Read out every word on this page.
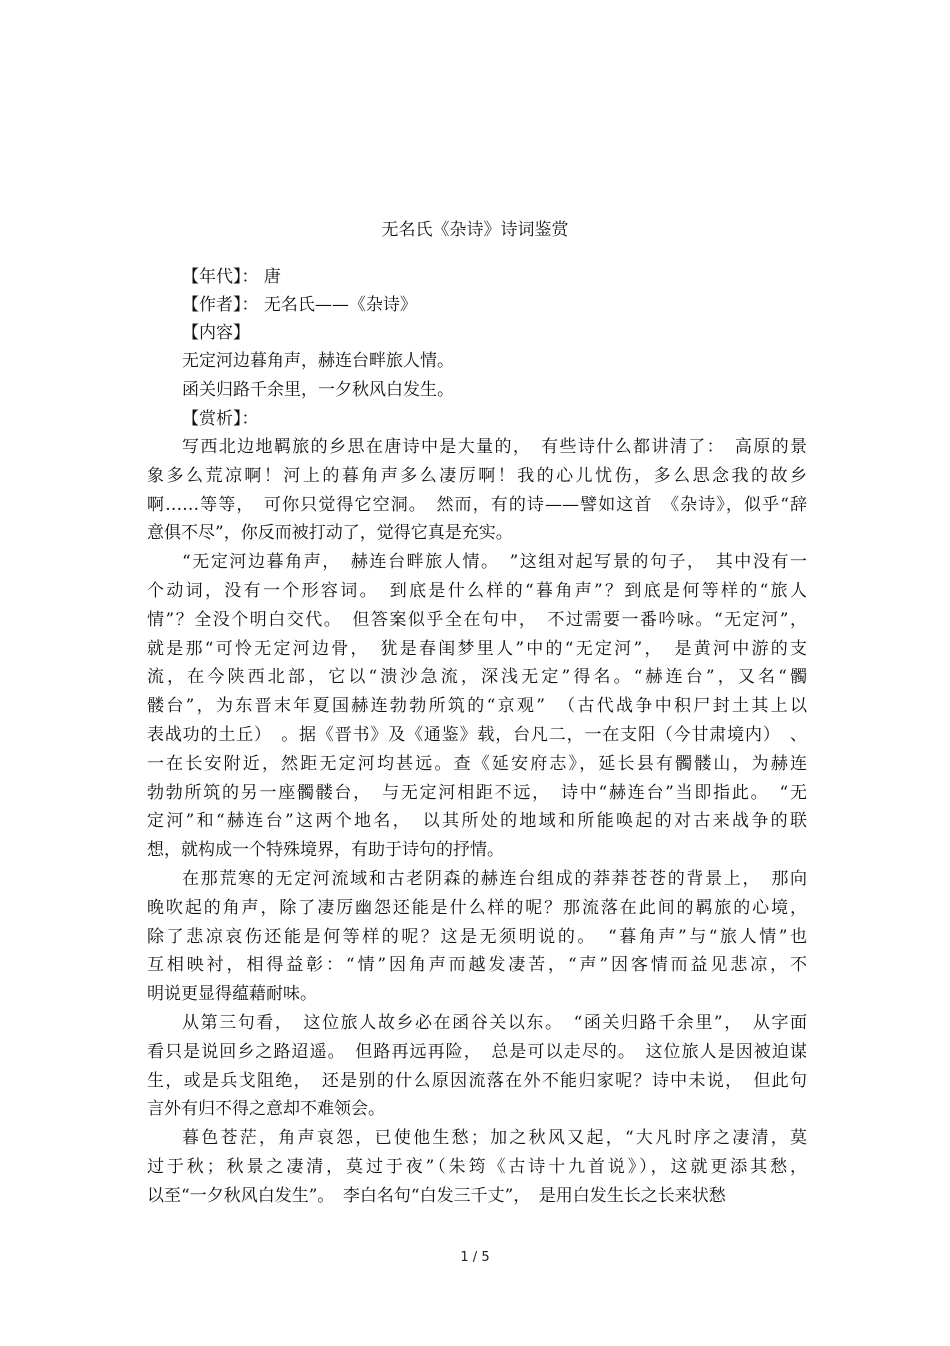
无名氏《杂诗》诗词鉴赏
【年代】： 唐
【作者】： 无名氏——《杂诗》
【内容】
无定河边暮角声，赫连台畔旅人情。
函关归路千余里，一夕秋风白发生。
【赏析】：
写西北边地羁旅的乡思在唐诗中是大量的，　有些诗什么都讲清了：　高原的景
象多么荒凉啊！河上的暮角声多么凄厉啊！我的心儿忧伤，多么思念我的故乡
啊……等等，　可你只觉得它空洞。　然而，有的诗——譬如这首　《杂诗》，似乎“辞
意俱不尽”，你反而被打动了，觉得它真是充实。
“无定河边暮角声，　赫连台畔旅人情。　”这组对起写景的句子，　其中没有一
个动词，没有一个形容词。　到底是什么样的“暮角声”？到底是何等样的“旅人
情”？全没个明白交代。　但答案似乎全在句中，　不过需要一番吟咏。“无定河”，
就是那“可怜无定河边骨，　犹是春闺梦里人”中的“无定河”，　是黄河中游的支
流，在今陕西北部，它以“溃沙急流，深浅无定”得名。“赫连台”，又名“髑
髅台”，为东晋末年夏国赫连勃勃所筑的“京观”　（古代战争中积尸封土其上以
表战功的土丘）　。据《晋书》及《通鉴》载，台凡二，一在支阳（今甘肃境内）　、
一在长安附近，然距无定河均甚远。查《延安府志》，延长县有髑髅山，为赫连
勃勃所筑的另一座髑髅台，　与无定河相距不远，　诗中“赫连台”当即指此。　“无
定河”和“赫连台”这两个地名，　以其所处的地域和所能唤起的对古来战争的联
想，就构成一个特殊境界，有助于诗句的抒情。
在那荒寒的无定河流域和古老阴森的赫连台组成的莽莽苍苍的背景上，　那向
晚吹起的角声，除了凄厉幽怨还能是什么样的呢？那流落在此间的羁旅的心境，
除了悲凉哀伤还能是何等样的呢？这是无须明说的。　“暮角声”与“旅人情”也
互相映衬，相得益彰：“情”因角声而越发凄苦，“声”因客情而益见悲凉，不
明说更显得蕴藉耐味。
从第三句看，　这位旅人故乡必在函谷关以东。　“函关归路千余里”，　从字面
看只是说回乡之路迢遥。　但路再远再险，　总是可以走尽的。　这位旅人是因被迫谋
生，或是兵戈阻绝，　还是别的什么原因流落在外不能归家呢？诗中未说，　但此句
言外有归不得之意却不难领会。
暮色苍茫，角声哀怨，已使他生愁；加之秋风又起，“大凡时序之凄清，莫
过于秋；秋景之凄清，莫过于夜”（朱筠《古诗十九首说》），这就更添其愁，
以至“一夕秋风白发生”。　李白名句“白发三千丈”，　是用白发生长之长来状愁
1 / 5
